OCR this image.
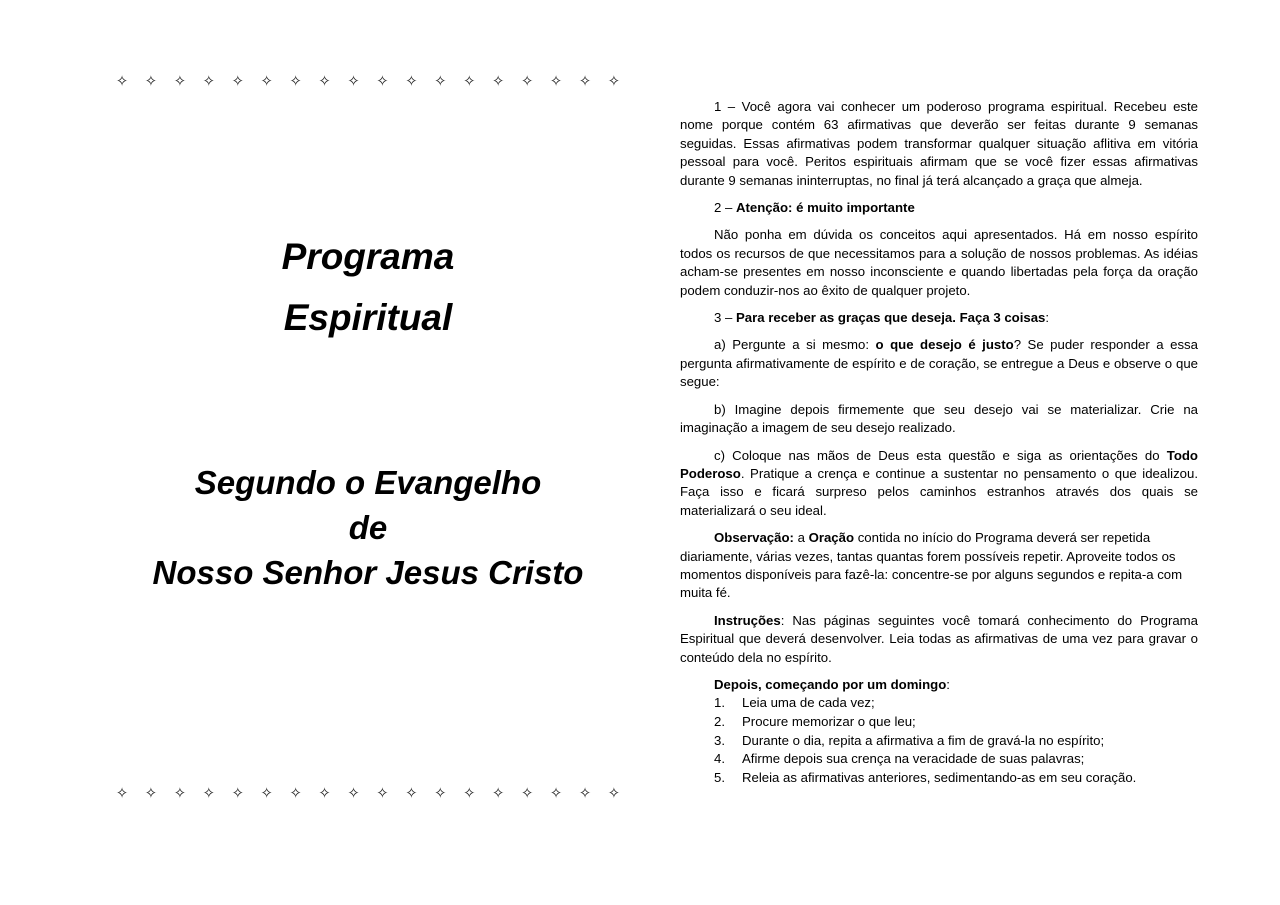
✧ ✧ ✧ ✧ ✧ ✧ ✧ ✧ ✧ ✧ ✧ ✧ ✧ ✧ ✧ ✧ ✧ ✧
Programa
Espiritual
Segundo o Evangelho
de
Nosso Senhor Jesus Cristo
✧ ✧ ✧ ✧ ✧ ✧ ✧ ✧ ✧ ✧ ✧ ✧ ✧ ✧ ✧ ✧ ✧ ✧

1 – Você agora vai conhecer um poderoso programa espiritual. Recebeu este nome porque contém 63 afirmativas que deverão ser feitas durante 9 semanas seguidas. Essas afirmativas podem transformar qualquer situação aflitiva em vitória pessoal para você. Peritos espirituais afirmam que se você fizer essas afirmativas durante 9 semanas ininterruptas, no final já terá alcançado a graça que almeja.

2 – Atenção: é muito importante

Não ponha em dúvida os conceitos aqui apresentados. Há em nosso espírito todos os recursos de que necessitamos para a solução de nossos problemas. As idéias acham-se presentes em nosso inconsciente e quando libertadas pela força da oração podem conduzir-nos ao êxito de qualquer projeto.

3 – Para receber as graças que deseja. Faça 3 coisas:

a) Pergunte a si mesmo: o que desejo é justo? Se puder responder a essa pergunta afirmativamente de espírito e de coração, se entregue a Deus e observe o que segue:

b) Imagine depois firmemente que seu desejo vai se materializar. Crie na imaginação a imagem de seu desejo realizado.

c) Coloque nas mãos de Deus esta questão e siga as orientações do Todo Poderoso. Pratique a crença e continue a sustentar no pensamento o que idealizou. Faça isso e ficará surpreso pelos caminhos estranhos através dos quais se materializará o seu ideal.

Observação: a Oração contida no início do Programa deverá ser repetida diariamente, várias vezes, tantas quantas forem possíveis repetir. Aproveite todos os momentos disponíveis para fazê-la: concentre-se por alguns segundos e repita-a com muita fé.

Instruções: Nas páginas seguintes você tomará conhecimento do Programa Espiritual que deverá desenvolver. Leia todas as afirmativas de uma vez para gravar o conteúdo dela no espírito.

Depois, começando por um domingo:
1.	Leia uma de cada vez;
2.	Procure memorizar o que leu;
3.	Durante o dia, repita a afirmativa a fim de gravá-la no espírito;
4.	Afirme depois sua crença na veracidade de suas palavras;
5.	Releia as afirmativas anteriores, sedimentando-as em seu coração.
